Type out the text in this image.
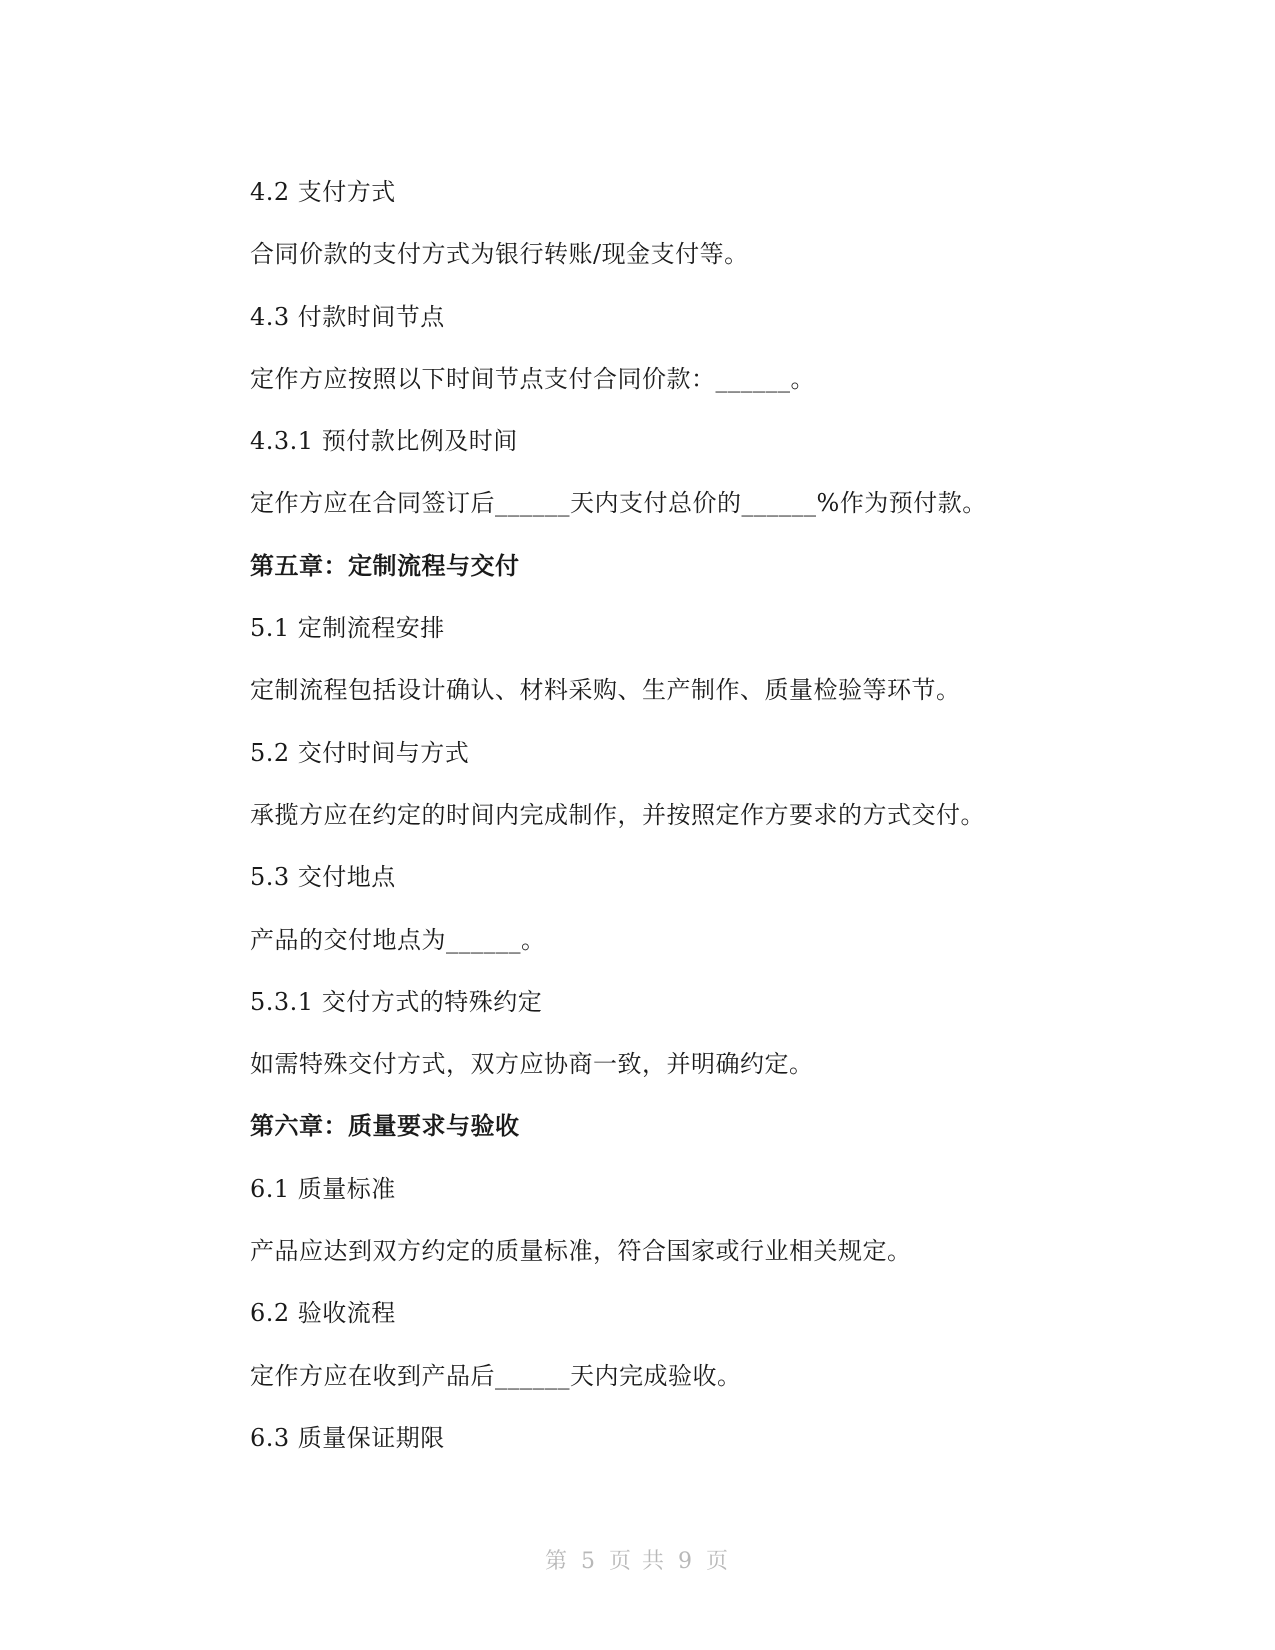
4.2 支付方式
合同价款的支付方式为银行转账/现金支付等。
4.3 付款时间节点
定作方应按照以下时间节点支付合同价款：______。
4.3.1 预付款比例及时间
定作方应在合同签订后______天内支付总价的______%作为预付款。
第五章：定制流程与交付
5.1 定制流程安排
定制流程包括设计确认、材料采购、生产制作、质量检验等环节。
5.2 交付时间与方式
承揽方应在约定的时间内完成制作，并按照定作方要求的方式交付。
5.3 交付地点
产品的交付地点为______。
5.3.1 交付方式的特殊约定
如需特殊交付方式，双方应协商一致，并明确约定。
第六章：质量要求与验收
6.1 质量标准
产品应达到双方约定的质量标准，符合国家或行业相关规定。
6.2 验收流程
定作方应在收到产品后______天内完成验收。
6.3 质量保证期限
第 5 页 共 9 页
